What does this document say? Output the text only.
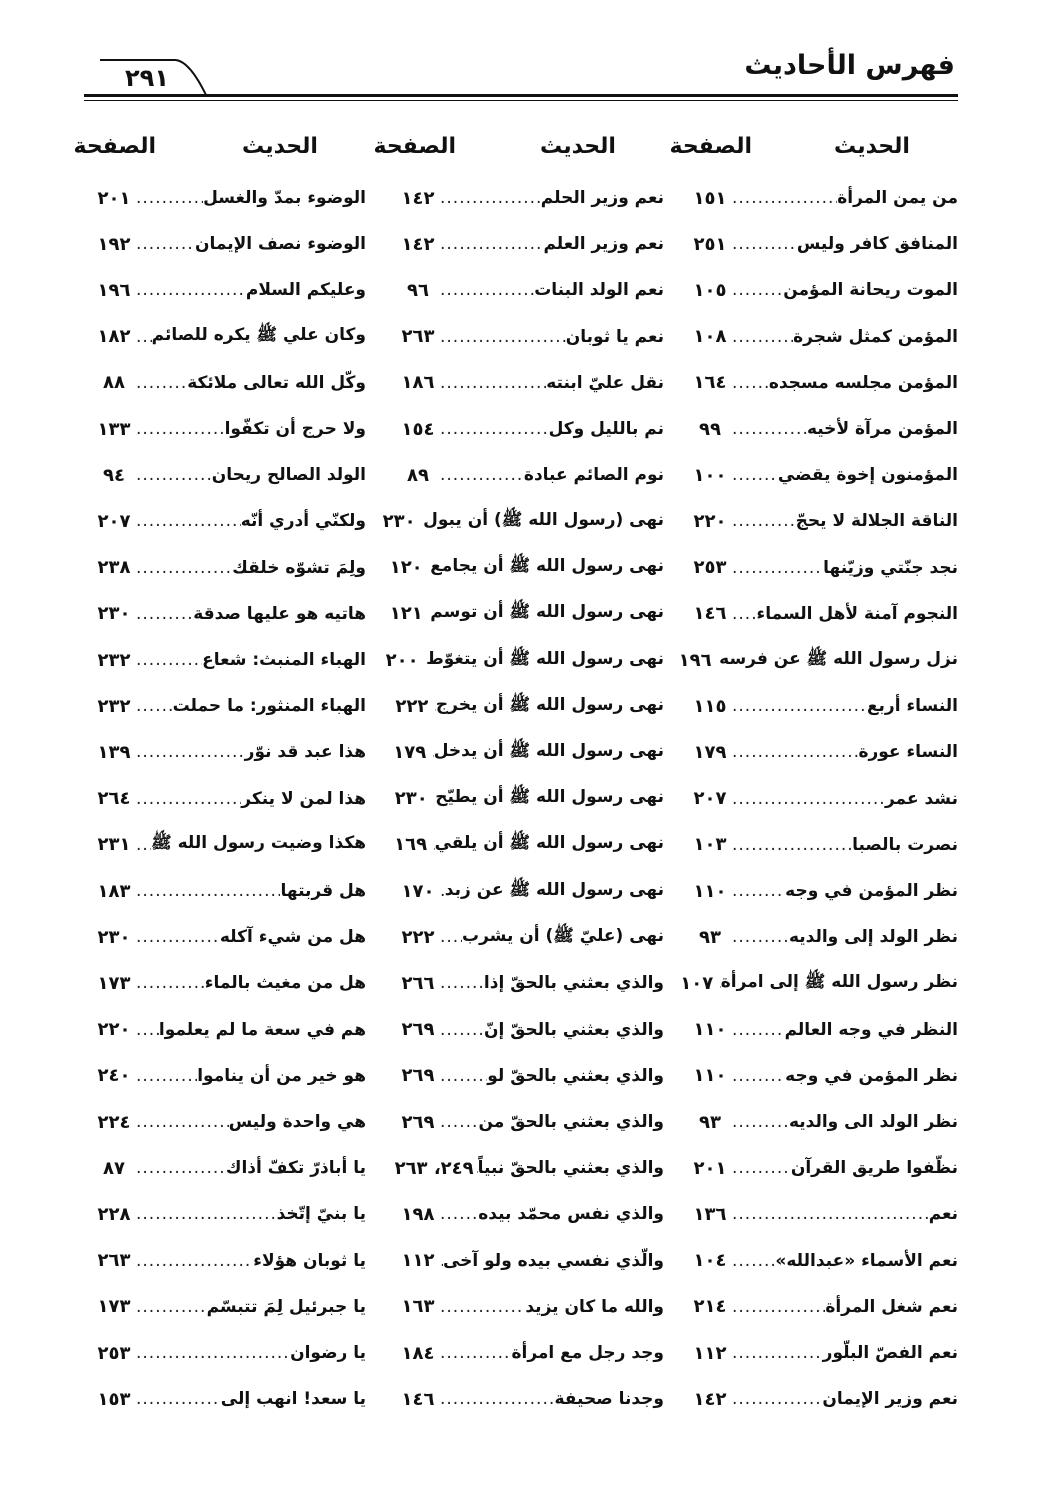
فهرس الأحاديث
٢٩١
الحديث
الصفحة
الحديث
الصفحة
الحديث
الصفحة
من يمن المرأة
.....
١٥١
المنافق كافر وليس
.....
٢٥١
الموت ريحانة المؤمن
.....
١٠٥
المؤمن كمثل شجرة
.....
١٠٨
المؤمن مجلسه مسجده
.....
١٦٤
المؤمن مرآة لأخيه
.....
٩٩
المؤمنون إخوة يقضي
.....
١٠٠
الناقة الجلالة لا يحجّ
.....
٢٢٠
نجد جنّتي وزيّنها
.....
٢٥٣
النجوم آمنة لأهل السماء
.....
١٤٦
نزل رسول الله ﷺ عن فرسه
.....
١٩٦
النساء أربع
.....
١١٥
النساء عورة
.....
١٧٩
نشد عمر
.....
٢٠٧
نصرت بالصبا
.....
١٠٣
نظر المؤمن في وجه
.....
١١٠
نظر الولد إلى والديه
.....
٩٣
نظر رسول الله ﷺ إلى امرأة
.....
١٠٧
النظر في وجه العالم
.....
١١٠
نظر المؤمن في وجه
.....
١١٠
نظر الولد الى والديه
.....
٩٣
نظّفوا طريق القرآن
.....
٢٠١
نعم
.....
١٣٦
نعم الأسماء «عبدالله»
.....
١٠٤
نعم شغل المرأة
.....
٢١٤
نعم الفصّ البلّور
.....
١١٢
نعم وزير الإيمان
.....
١٤٢
نعم وزير الحلم
.....
١٤٢
نعم وزير العلم
.....
١٤٢
نعم الولد البنات
.....
٩٦
نعم يا ثوبان
.....
٢٦٣
نقل عليّ ابنته
.....
١٨٦
نم بالليل وكل
.....
١٥٤
نوم الصائم عبادة
.....
٨٩
نهى (رسول الله ﷺ) أن يبول
.....
٢٣٠
نهى رسول الله ﷺ أن يجامع
.....
١٢٠
نهى رسول الله ﷺ أن توسم
.....
١٢١
نهى رسول الله ﷺ أن يتغوّط
.....
٢٠٠
نهى رسول الله ﷺ أن يخرج
.....
٢٢٢
نهى رسول الله ﷺ أن يدخل
.....
١٧٩
نهى رسول الله ﷺ أن يطيّح
.....
٢٣٠
نهى رسول الله ﷺ أن يلقي
.....
١٦٩
نهى رسول الله ﷺ عن زبد
.....
١٧٠
نهى (عليّ ﷺ) أن يشرب
.....
٢٢٢
والذي بعثني بالحقّ إذا
.....
٢٦٦
والذي بعثني بالحقّ إنّ
.....
٢٦٩
والذي بعثني بالحقّ لو
.....
٢٦٩
والذي بعثني بالحقّ من
.....
٢٦٩
والذي بعثني بالحقّ نبياً
.....
٢٤٩، ٢٦٣
والذي نفس محمّد بيده
.....
١٩٨
والّذي نفسي بيده ولو آخى
.....
١١٢
والله ما كان يزيد
.....
١٦٣
وجد رجل مع امرأة
.....
١٨٤
وجدنا صحيفة
.....
١٤٦
الوضوء بمدّ والغسل
.....
٢٠١
الوضوء نصف الإيمان
.....
١٩٢
وعليكم السلام
.....
١٩٦
وكان علي ﷺ يكره للصائم
.....
١٨٢
وكّل الله تعالى ملائكة
.....
٨٨
ولا حرج أن تكفّوا
.....
١٣٣
الولد الصالح ريحان
.....
٩٤
ولكنّي أدري أنّه
.....
٢٠٧
ولِمَ تشوّه خلقك
.....
٢٣٨
هاتيه هو عليها صدقة
.....
٢٣٠
الهباء المنبث: شعاع
.....
٢٣٢
الهباء المنثور: ما حملت
.....
٢٣٢
هذا عبد قد نوّر
.....
١٣٩
هذا لمن لا ينكر
.....
٢٦٤
هكذا وضيت رسول الله ﷺ
.....
٢٣١
هل قربتها
.....
١٨٣
هل من شيء آكله
.....
٢٣٠
هل من مغيث بالماء
.....
١٧٣
هم في سعة ما لم يعلموا
.....
٢٢٠
هو خير من أن يناموا
.....
٢٤٠
هي واحدة وليس
.....
٢٢٤
يا أباذرّ تكفّ أذاك
.....
٨٧
يا بنيّ إتّخذ
.....
٢٢٨
يا ثوبان هؤلاء
.....
٢٦٣
يا جبرئيل لِمَ تتبسّم
.....
١٧٣
يا رضوان
.....
٢٥٣
يا سعد! انهب إلى
.....
١٥٣
